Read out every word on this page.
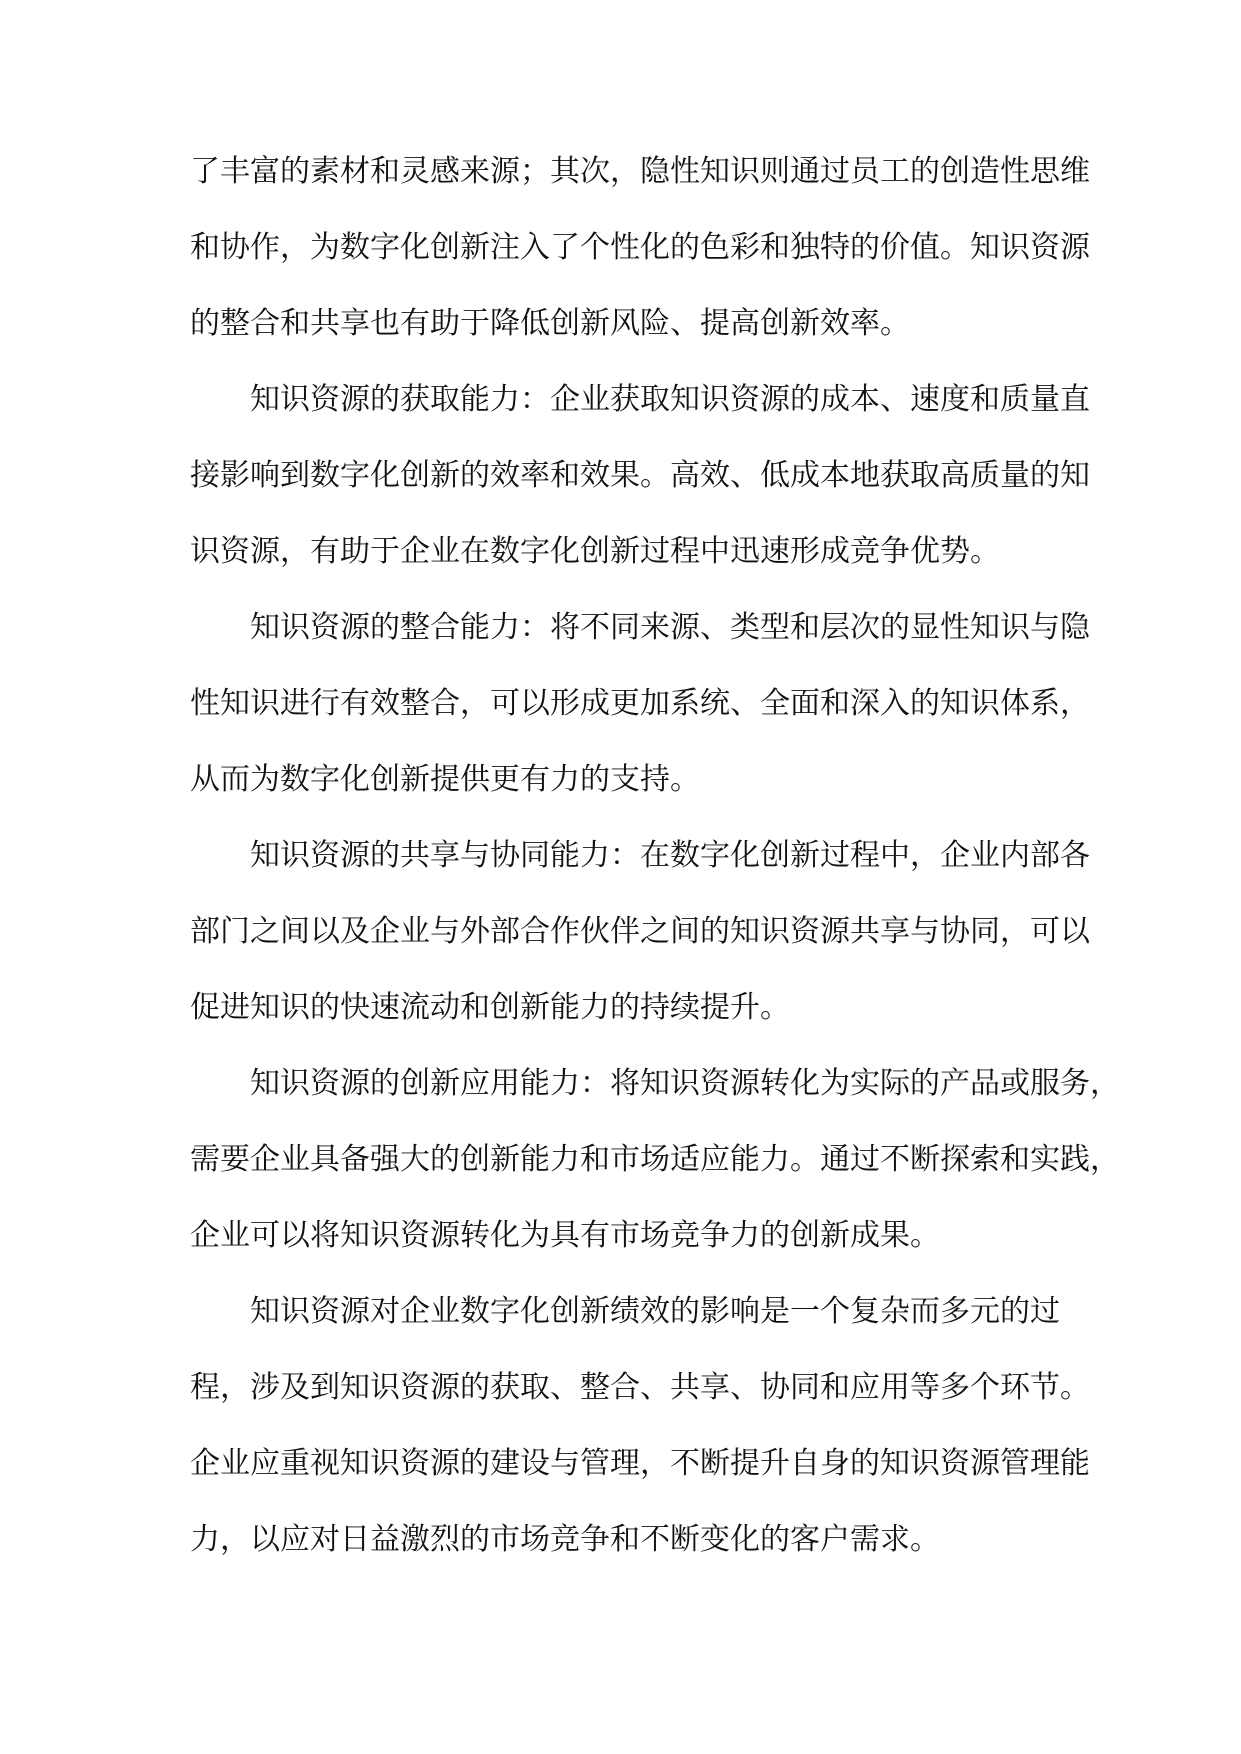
了丰富的素材和灵感来源；其次，隐性知识则通过员工的创造性思维
和协作，为数字化创新注入了个性化的色彩和独特的价值。知识资源
的整合和共享也有助于降低创新风险、提高创新效率。
知识资源的获取能力：企业获取知识资源的成本、速度和质量直
接影响到数字化创新的效率和效果。高效、低成本地获取高质量的知
识资源，有助于企业在数字化创新过程中迅速形成竞争优势。
知识资源的整合能力：将不同来源、类型和层次的显性知识与隐
性知识进行有效整合，可以形成更加系统、全面和深入的知识体系，
从而为数字化创新提供更有力的支持。
知识资源的共享与协同能力：在数字化创新过程中，企业内部各
部门之间以及企业与外部合作伙伴之间的知识资源共享与协同，可以
促进知识的快速流动和创新能力的持续提升。
知识资源的创新应用能力：将知识资源转化为实际的产品或服务，
需要企业具备强大的创新能力和市场适应能力。通过不断探索和实践，
企业可以将知识资源转化为具有市场竞争力的创新成果。
知识资源对企业数字化创新绩效的影响是一个复杂而多元的过
程，涉及到知识资源的获取、整合、共享、协同和应用等多个环节。
企业应重视知识资源的建设与管理，不断提升自身的知识资源管理能
力，以应对日益激烈的市场竞争和不断变化的客户需求。
